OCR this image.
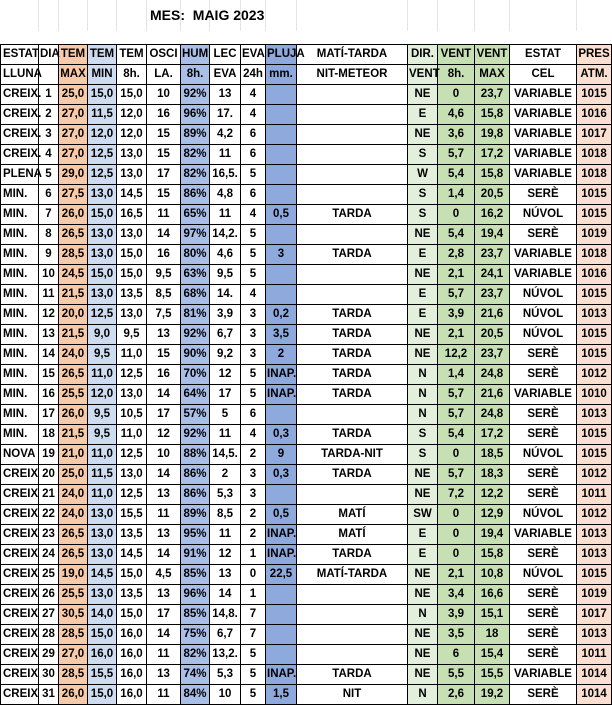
MES:  MAIG 2023
ESTAT	DIA	TEM	TEM	TEM	OSCI	HUM	LEC	EVA	PLUJA	MATÍ-TARDA	DIR.	VENT	VENT	ESTAT	PRES
LLUNA		MAX	MIN	8h.	LA.	8h.	EVA	24h	mm.	NIT-METEOR	VENT	8h.	MAX	CEL	ATM.
CREIX.	1	25,0	15,0	15,0	10	92%	13	4			NE	0	23,7	VARIABLE	1015
CREIX.	2	27,0	11,5	12,0	16	96%	17.	4			E	4,6	15,8	VARIABLE	1016
CREIX.	3	27,0	12,0	12,0	15	89%	4,2	6			NE	3,6	19,8	VARIABLE	1017
CREIX.	4	27,0	12,5	13,0	15	82%	11	6			S	5,7	17,2	VARIABLE	1018
PLENA	5	29,0	12,5	13,0	17	82%	16,5.	5			W	5,4	15,8	VARIABLE	1018
MIN.	6	27,5	13,0	14,5	15	86%	4,8	6			S	1,4	20,5	SERÈ	1015
MIN.	7	26,0	15,0	16,5	11	65%	11	4	0,5	TARDA	S	0	16,2	NÚVOL	1015
MIN.	8	26,5	13,0	13,0	14	97%	14,2.	5			NE	5,4	19,4	SERÈ	1019
MIN.	9	28,5	13,0	15,0	16	80%	4,6	5	3	TARDA	E	2,8	23,7	VARIABLE	1018
MIN.	10	24,5	15,0	15,0	9,5	63%	9,5	5			NE	2,1	24,1	VARIABLE	1016
MIN.	11	21,5	13,0	13,5	8,5	68%	14.	4			E	5,7	23,7	NÚVOL	1015
MIN.	12	20,0	12,5	13,0	7,5	81%	3,9	3	0,2	TARDA	E	3,9	21,6	NÚVOL	1013
MIN.	13	21,5	9,0	9,5	13	92%	6,7	3	3,5	TARDA	NE	2,1	20,5	NÚVOL	1015
MIN.	14	24,0	9,5	11,0	15	90%	9,2	3	2	TARDA	NE	12,2	23,7	SERÈ	1015
MIN.	15	26,5	11,0	12,5	16	70%	12	5	INAP.	TARDA	N	1,4	24,8	SERÈ	1012
MIN.	16	25,5	12,0	13,0	14	64%	17	5	INAP.	TARDA	N	5,7	21,6	VARIABLE	1010
MIN.	17	26,0	9,5	10,5	17	57%	5	6			N	5,7	24,8	SERÈ	1013
MIN.	18	21,5	9,5	11,0	12	92%	11	4	0,3	TARDA	S	5,4	17,2	SERÈ	1015
NOVA	19	21,0	11,0	12,5	10	88%	14,5.	2	9	TARDA-NIT	S	0	18,5	NÚVOL	1015
CREIX	20	25,0	11,5	13,0	14	86%	2	3	0,3	TARDA	NE	5,7	18,3	SERÈ	1012
CREIX	21	24,0	11,0	12,5	13	86%	5,3	3			NE	7,2	12,2	SERÈ	1011
CREIX	22	24,0	13,0	15,5	11	89%	8,5	2	0,5	MATÍ	SW	0	12,9	NÚVOL	1012
CREIX	23	26,5	13,0	13,5	13	95%	11	2	INAP.	MATÍ	E	0	19,4	VARIABLE	1013
CREIX	24	26,5	13,0	14,5	14	91%	12	1	INAP.	TARDA	E	0	15,8	SERÈ	1013
CREIX	25	19,0	14,5	15,0	4,5	85%	13	0	22,5	MATÍ-TARDA	NE	2,1	10,8	NÚVOL	1015
CREIX	26	25,5	13,0	13,5	13	96%	14	1			NE	3,4	16,6	SERÈ	1019
CREIX	27	30,5	14,0	15,0	17	85%	14,8.	7			N	3,9	15,1	SERÈ	1017
CREIX	28	28,5	15,0	16,0	14	75%	6,7	7			NE	3,5	18	SERÈ	1013
CREIX	29	27,0	16,0	16,0	11	82%	13,2.	5			NE	6	15,4	SERÈ	1011
CREIX	30	28,5	15,5	16,0	13	74%	5,3	5	INAP.	TARDA	NE	5,5	15,5	VARIABLE	1014
CREIX	31	26,0	15,0	16,0	11	84%	10	5	1,5	NIT	N	2,6	19,2	SERÈ	1014
